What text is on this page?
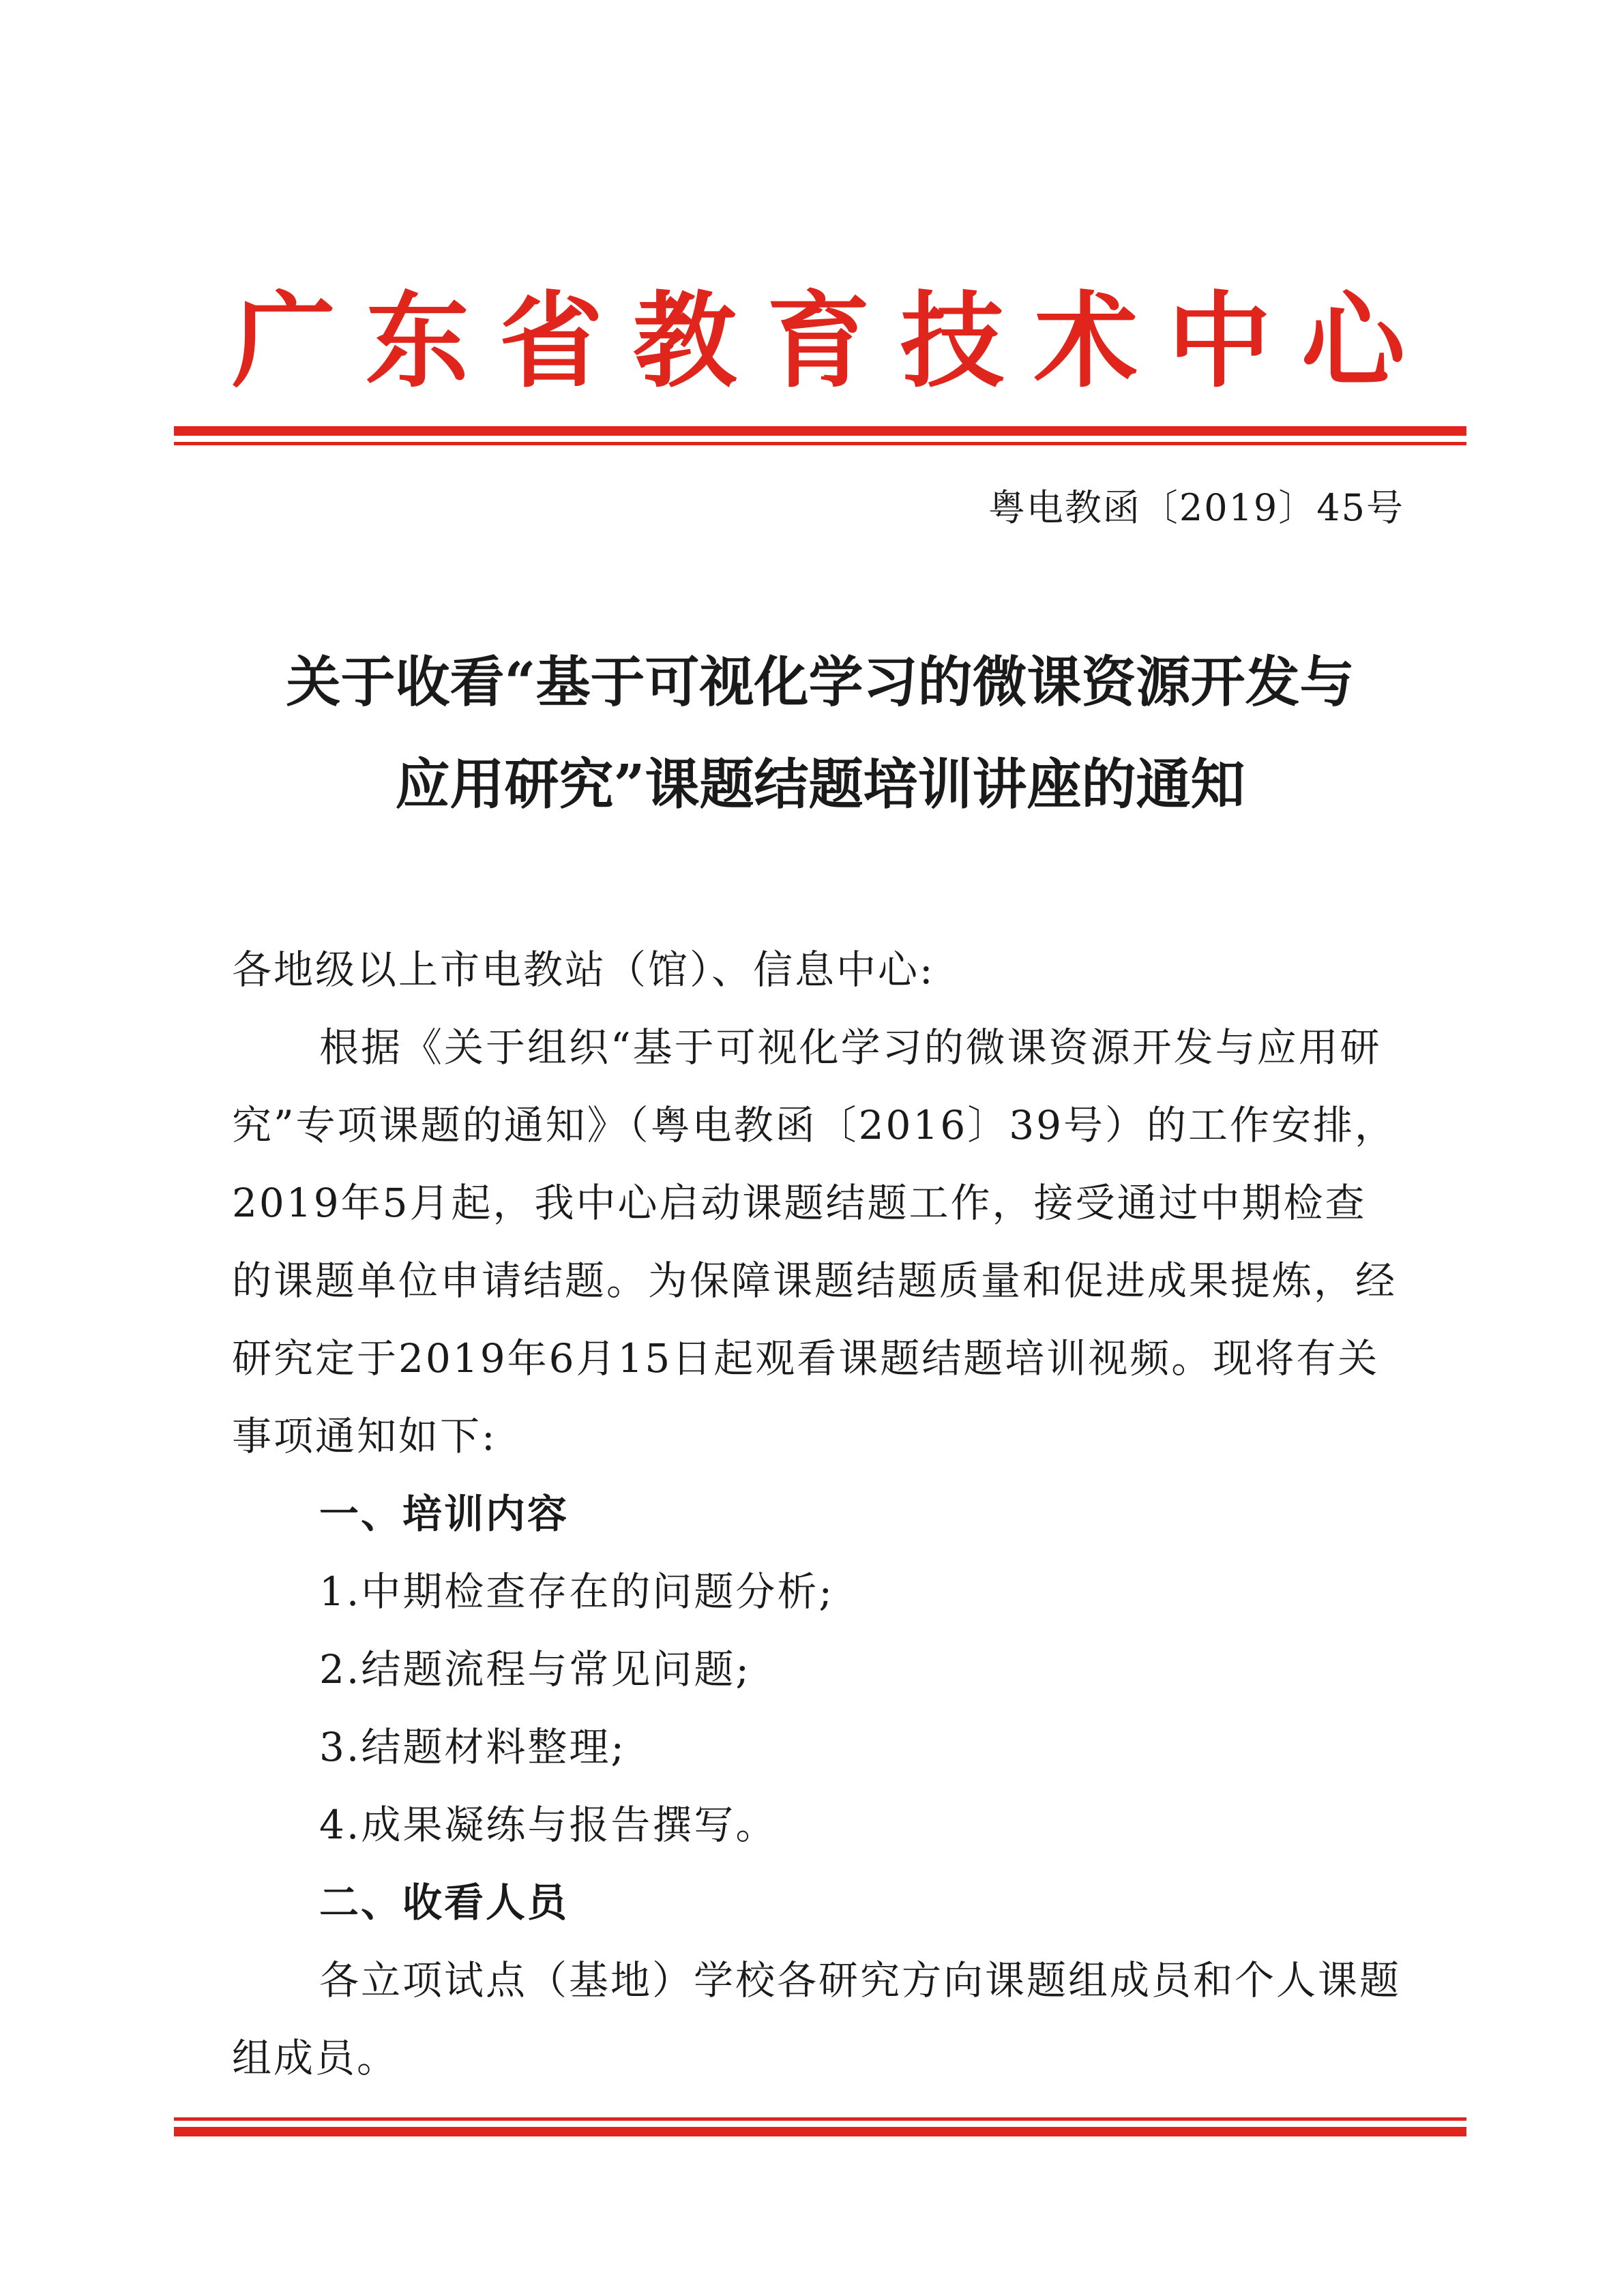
广 东 省 教 育 技 术 中 心
粤电教函〔2019〕45号
关于收看“基于可视化学习的微课资源开发与
应用研究”课题结题培训讲座的通知

各地级以上市电教站（馆）、信息中心:

根据《关于组织“基于可视化学习的微课资源开发与应用研究”专项课题的通知》（粤电教函〔2016〕39号）的工作安排，2019年5月起，我中心启动课题结题工作，接受通过中期检查的课题单位申请结题。为保障课题结题质量和促进成果提炼，经研究定于2019年6月15日起观看课题结题培训视频。现将有关事项通知如下:

一、培训内容

1.中期检查存在的问题分析;

2.结题流程与常见问题;

3.结题材料整理;

4.成果凝练与报告撰写。

二、收看人员

各立项试点（基地）学校各研究方向课题组成员和个人课题组成员。
